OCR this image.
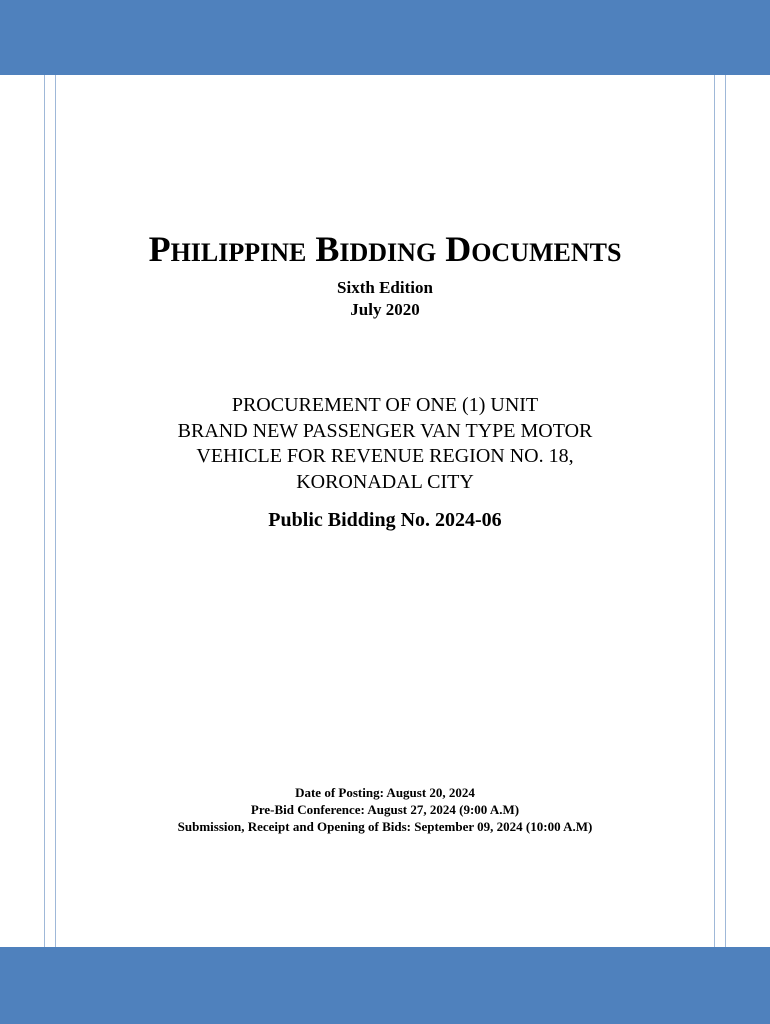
PHILIPPINE BIDDING DOCUMENTS
Sixth Edition
July 2020
PROCUREMENT OF ONE (1) UNIT
BRAND NEW PASSENGER VAN TYPE MOTOR
VEHICLE FOR REVENUE REGION NO. 18,
KORONADAL CITY
Public Bidding No. 2024-06
Date of Posting: August 20, 2024
Pre-Bid Conference: August 27, 2024 (9:00 A.M)
Submission, Receipt and Opening of Bids: September 09, 2024 (10:00 A.M)
